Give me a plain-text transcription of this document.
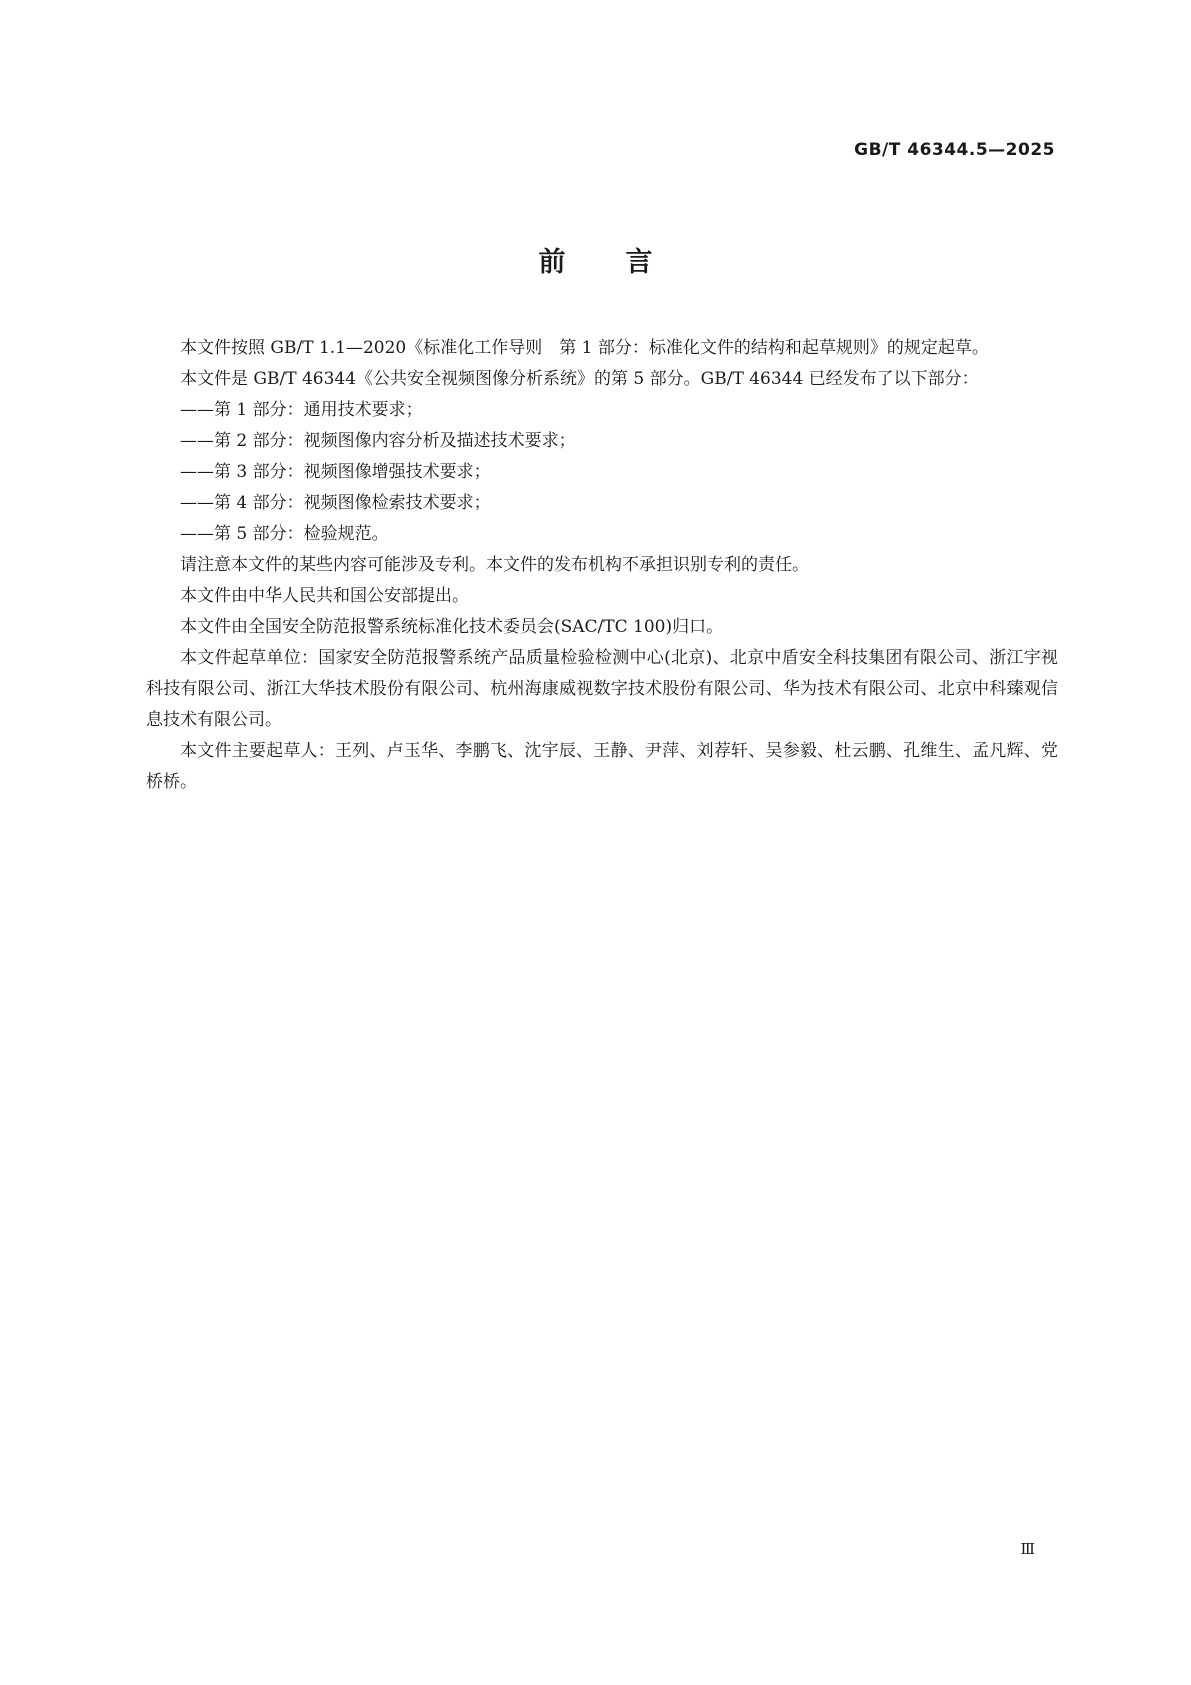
GB/T 46344.5—2025
前言

本文件按照 GB/T 1.1—2020《标准化工作导则　第 1 部分：标准化文件的结构和起草规则》的规定起草。

本文件是 GB/T 46344《公共安全视频图像分析系统》的第 5 部分。GB/T 46344 已经发布了以下部分：

——第 1 部分：通用技术要求；

——第 2 部分：视频图像内容分析及描述技术要求；

——第 3 部分：视频图像增强技术要求；

——第 4 部分：视频图像检索技术要求；

——第 5 部分：检验规范。

请注意本文件的某些内容可能涉及专利。本文件的发布机构不承担识别专利的责任。

本文件由中华人民共和国公安部提出。

本文件由全国安全防范报警系统标准化技术委员会(SAC/TC 100)归口。

本文件起草单位：国家安全防范报警系统产品质量检验检测中心(北京)、北京中盾安全科技集团有限公司、浙江宇视科技有限公司、浙江大华技术股份有限公司、杭州海康威视数字技术股份有限公司、华为技术有限公司、北京中科臻观信息技术有限公司。

本文件主要起草人：王列、卢玉华、李鹏飞、沈宇辰、王静、尹萍、刘荐轩、吴参毅、杜云鹏、孔维生、孟凡辉、党桥桥。

Ⅲ
